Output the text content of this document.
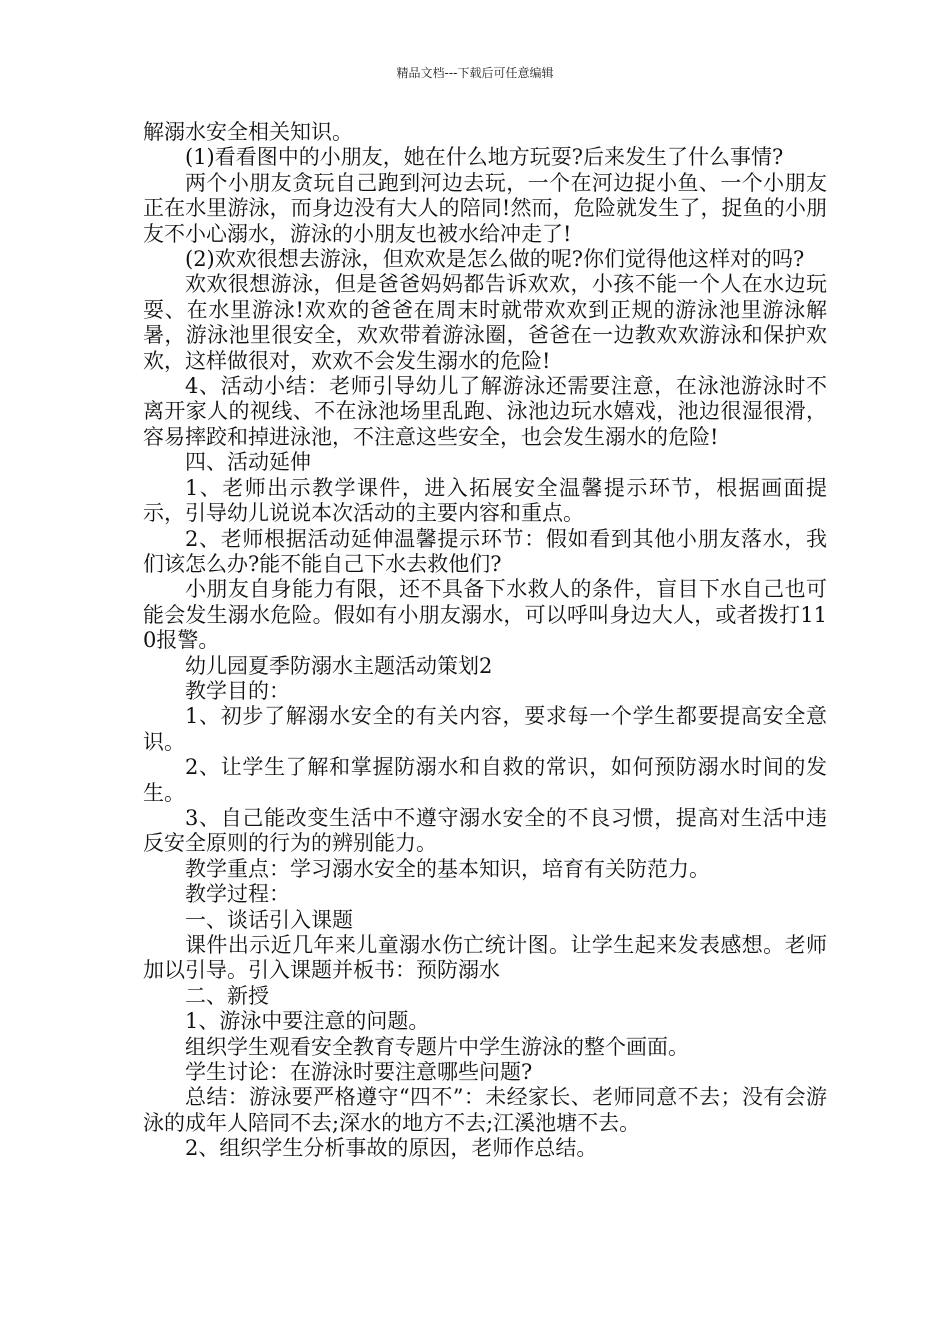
精品文档---下载后可任意编辑

解溺水安全相关知识。

(1)看看图中的小朋友，她在什么地方玩耍?后来发生了什么事情?

两个小朋友贪玩自己跑到河边去玩，一个在河边捉小鱼、一个小朋友正在水里游泳，而身边没有大人的陪同!然而，危险就发生了，捉鱼的小朋友不小心溺水，游泳的小朋友也被水给冲走了!

(2)欢欢很想去游泳，但欢欢是怎么做的呢?你们觉得他这样对的吗?

欢欢很想游泳，但是爸爸妈妈都告诉欢欢，小孩不能一个人在水边玩耍、在水里游泳!欢欢的爸爸在周末时就带欢欢到正规的游泳池里游泳解暑，游泳池里很安全，欢欢带着游泳圈，爸爸在一边教欢欢游泳和保护欢欢，这样做很对，欢欢不会发生溺水的危险!

4、活动小结：老师引导幼儿了解游泳还需要注意，在泳池游泳时不离开家人的视线、不在泳池场里乱跑、泳池边玩水嬉戏，池边很湿很滑，容易摔跤和掉进泳池，不注意这些安全，也会发生溺水的危险!

四、活动延伸

1、老师出示教学课件，进入拓展安全温馨提示环节，根据画面提示，引导幼儿说说本次活动的主要内容和重点。

2、老师根据活动延伸温馨提示环节：假如看到其他小朋友落水，我们该怎么办?能不能自己下水去救他们?

小朋友自身能力有限，还不具备下水救人的条件，盲目下水自己也可能会发生溺水危险。假如有小朋友溺水，可以呼叫身边大人，或者拨打110报警。

幼儿园夏季防溺水主题活动策划2

教学目的：

1、初步了解溺水安全的有关内容，要求每一个学生都要提高安全意识。

2、让学生了解和掌握防溺水和自救的常识，如何预防溺水时间的发生。

3、自己能改变生活中不遵守溺水安全的不良习惯，提高对生活中违反安全原则的行为的辨别能力。

教学重点：学习溺水安全的基本知识，培育有关防范力。

教学过程：

一、谈话引入课题

课件出示近几年来儿童溺水伤亡统计图。让学生起来发表感想。老师加以引导。引入课题并板书：预防溺水

二、新授

1、游泳中要注意的问题。

组织学生观看安全教育专题片中学生游泳的整个画面。

学生讨论：在游泳时要注意哪些问题?

总结：游泳要严格遵守“四不”：未经家长、老师同意不去；没有会游泳的成年人陪同不去;深水的地方不去;江溪池塘不去。

2、组织学生分析事故的原因，老师作总结。
